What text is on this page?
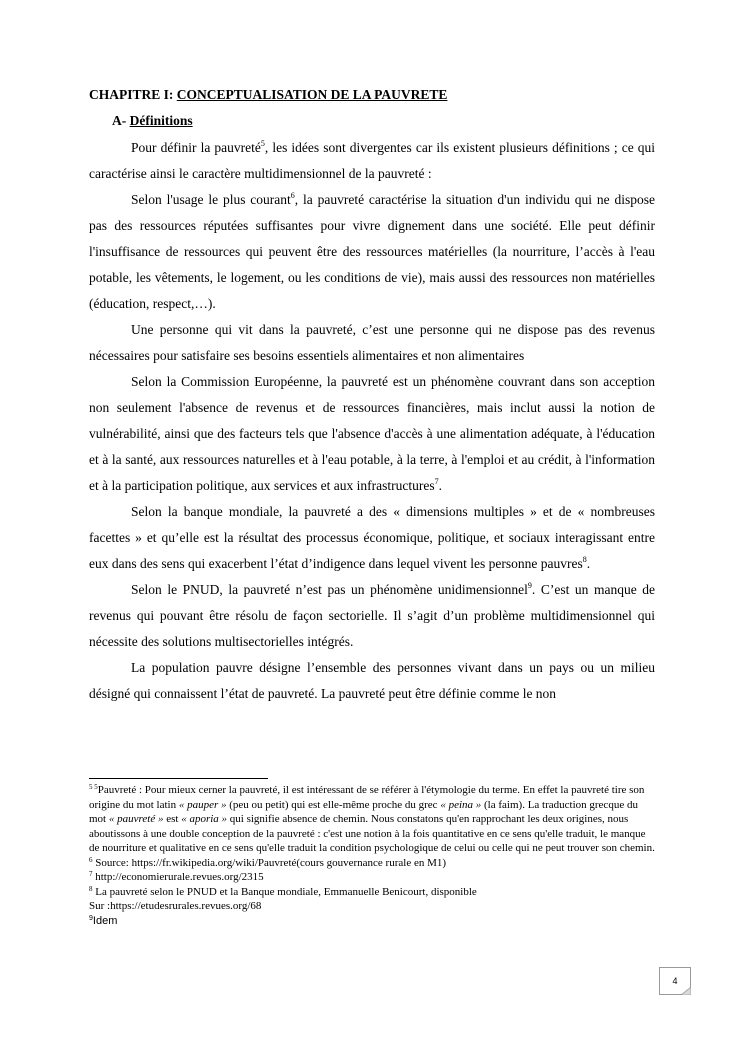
CHAPITRE I: CONCEPTUALISATION DE LA PAUVRETE
A- Définitions

Pour définir la pauvreté$^5$, les idées sont divergentes car ils existent plusieurs définitions ; ce qui caractérise ainsi le caractère multidimensionnel de la pauvreté :

Selon l'usage le plus courant$^6$, la pauvreté caractérise la situation d'un individu qui ne dispose pas des ressources réputées suffisantes pour vivre dignement dans une société. Elle peut définir l'insuffisance de ressources qui peuvent être des ressources matérielles (la nourriture, l’accès à l'eau potable, les vêtements, le logement, ou les conditions de vie), mais aussi des ressources non matérielles (éducation, respect,…).

Une personne qui vit dans la pauvreté, c’est une personne qui ne dispose pas des revenus nécessaires pour satisfaire ses besoins essentiels alimentaires et non alimentaires

Selon la Commission Européenne, la pauvreté est un phénomène couvrant dans son acception non seulement l'absence de revenus et de ressources financières, mais inclut aussi la notion de vulnérabilité, ainsi que des facteurs tels que l'absence d'accès à une alimentation adéquate, à l'éducation et à la santé, aux ressources naturelles et à l'eau potable, à la terre, à l'emploi et au crédit, à l'information et à la participation politique, aux services et aux infrastructures$^7$.

Selon la banque mondiale, la pauvreté a des « dimensions multiples » et de « nombreuses facettes » et qu’elle est la résultat des processus économique, politique, et sociaux interagissant entre eux dans des sens qui exacerbent l’état d’indigence dans lequel vivent les personne pauvres$^8$.

Selon le PNUD, la pauvreté n’est pas un phénomène unidimensionnel$^9$. C’est un manque de revenus qui pouvant être résolu de façon sectorielle. Il s’agit d’un problème multidimensionnel qui nécessite des solutions multisectorielles intégrés.

La population pauvre désigne l’ensemble des personnes vivant dans un pays ou un milieu désigné qui connaissent l’état de pauvreté. La pauvreté peut être définie comme le non

$^{5 5}$Pauvreté : Pour mieux cerner la pauvreté, il est intéressant de se référer à l'étymologie du terme. En effet la pauvreté tire son origine du mot latin « pauper » (peu ou petit) qui est elle-même proche du grec « peina » (la faim). La traduction grecque du mot « pauvreté » est « aporia » qui signifie absence de chemin. Nous constatons qu'en rapprochant les deux origines, nous aboutissons à une double conception de la pauvreté : c'est une notion à la fois quantitative en ce sens qu'elle traduit, le manque de nourriture et qualitative en ce sens qu'elle traduit la condition psychologique de celui ou celle qui ne peut trouver son chemin.
$^6$ Source: https://fr.wikipedia.org/wiki/Pauvreté(cours gouvernance rurale en M1)
$^7$ http://economierurale.revues.org/2315
$^8$ La pauvreté selon le PNUD et la Banque mondiale, Emmanuelle Benicourt, disponible
Sur :https://etudesrurales.revues.org/68
$^9$Idem
4
